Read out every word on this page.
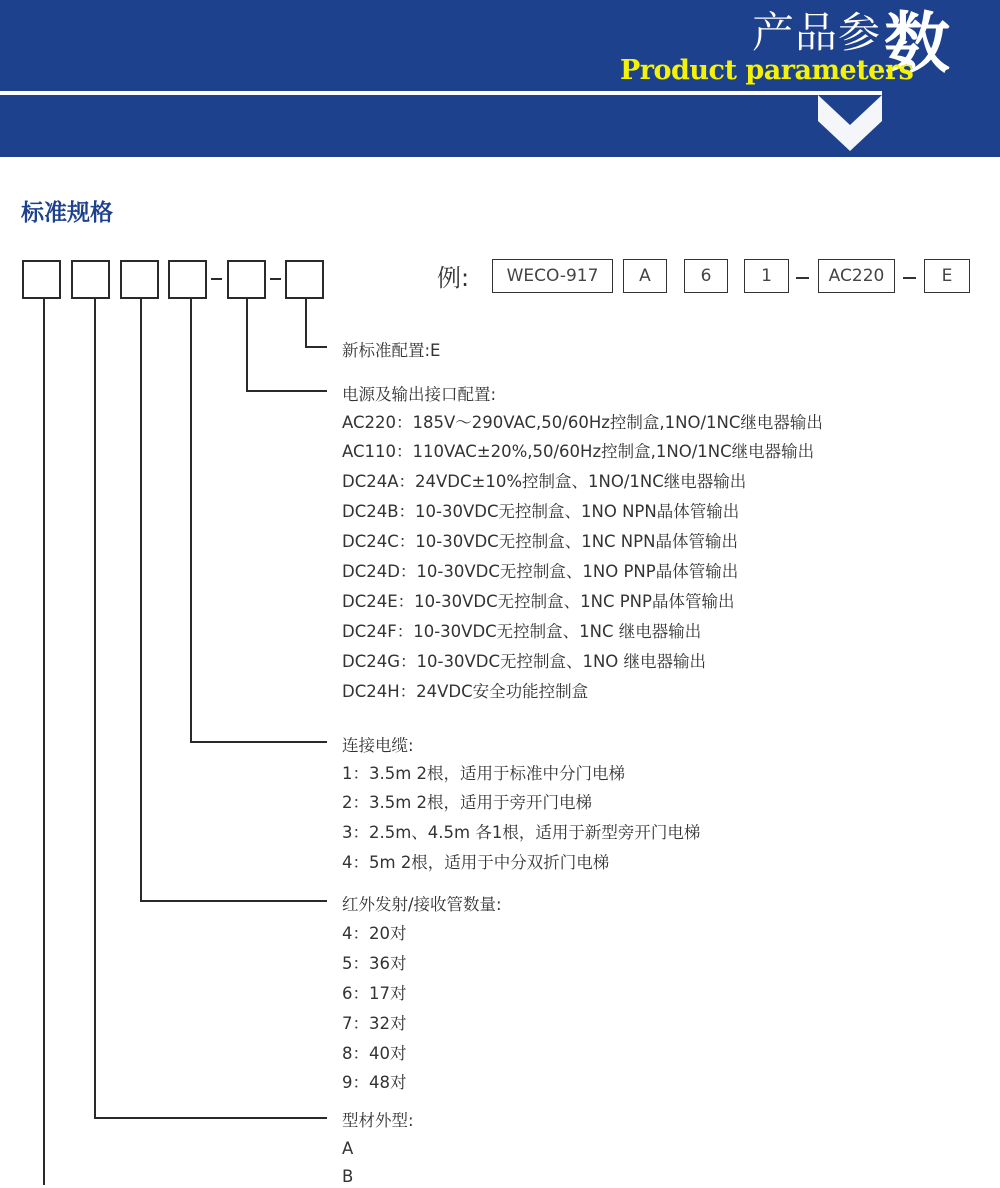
产品参 数
Product parameters
标准规格
例:	WECO-917	A	6	1	AC220	E
新标准配置:E
电源及输出接口配置:
AC220：185V～290VAC,50/60Hz控制盒,1NO/1NC继电器输出
AC110：110VAC±20%,50/60Hz控制盒,1NO/1NC继电器输出
DC24A：24VDC±10%控制盒、1NO/1NC继电器输出
DC24B：10-30VDC无控制盒、1NO NPN晶体管输出
DC24C：10-30VDC无控制盒、1NC NPN晶体管输出
DC24D：10-30VDC无控制盒、1NO PNP晶体管输出
DC24E：10-30VDC无控制盒、1NC PNP晶体管输出
DC24F：10-30VDC无控制盒、1NC 继电器输出
DC24G：10-30VDC无控制盒、1NO 继电器输出
DC24H：24VDC安全功能控制盒
连接电缆:
1：3.5m 2根，适用于标准中分门电梯
2：3.5m 2根，适用于旁开门电梯
3：2.5m、4.5m 各1根，适用于新型旁开门电梯
4：5m 2根，适用于中分双折门电梯
红外发射/接收管数量:
4：20对
5：36对
6：17对
7：32对
8：40对
9：48对
型材外型:
A
B
